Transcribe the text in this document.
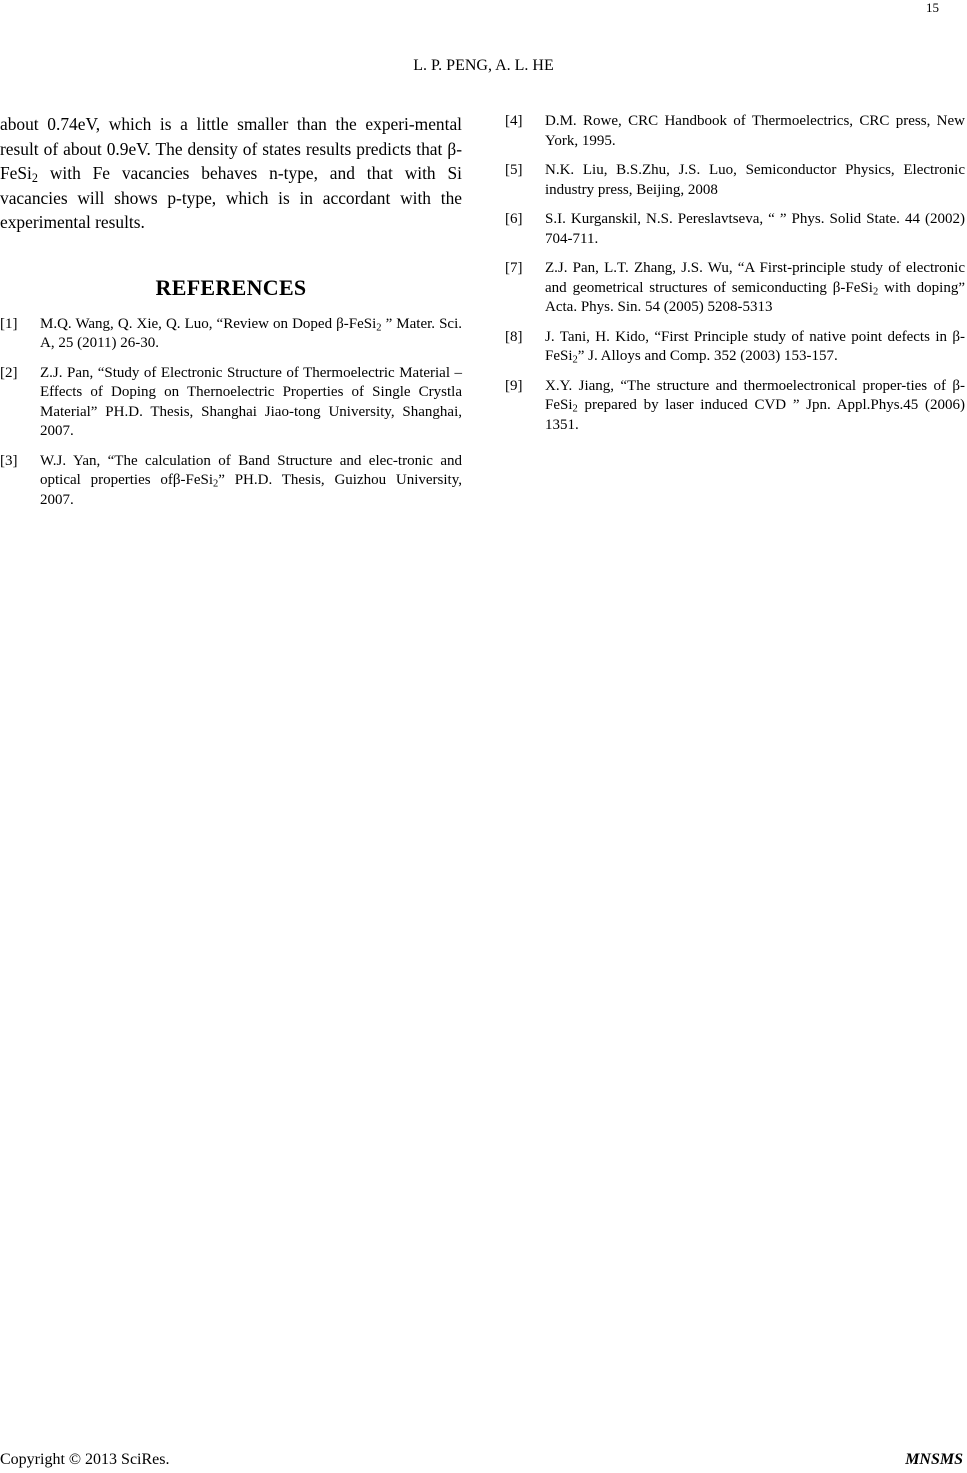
15
L. P. PENG, A. L. HE

about 0.74eV, which is a little smaller than the experi-mental result of about 0.9eV. The density of states results predicts that β-FeSi$_2$ with Fe vacancies behaves n-type, and that with Si vacancies will shows p-type, which is in accordant with the experimental results.

REFERENCES
[1]	M.Q. Wang, Q. Xie, Q. Luo, “Review on Doped β-FeSi$_2$ ” Mater. Sci. A, 25 (2011) 26-30.
[2]	Z.J. Pan, “Study of Electronic Structure of Thermoelectric Material – Effects of Doping on Thernoelectric Properties of Single Crystla Material” PH.D. Thesis, Shanghai Jiao-tong University, Shanghai, 2007.
[3]	W.J. Yan, “The calculation of Band Structure and elec-tronic and optical properties ofβ-FeSi$_2$” PH.D. Thesis, Guizhou University, 2007.
[4]	D.M. Rowe, CRC Handbook of Thermoelectrics, CRC press, New York, 1995.
[5]	N.K. Liu, B.S.Zhu, J.S. Luo, Semiconductor Physics, Electronic industry press, Beijing, 2008
[6]	S.I. Kurganskil, N.S. Pereslavtseva, “ ” Phys. Solid State. 44 (2002) 704-711.
[7]	Z.J. Pan, L.T. Zhang, J.S. Wu, “A First-principle study of electronic and geometrical structures of semiconducting β-FeSi$_2$ with doping” Acta. Phys. Sin. 54 (2005) 5208-5313
[8]	J. Tani, H. Kido, “First Principle study of native point defects in β-FeSi$_2$” J. Alloys and Comp. 352 (2003) 153-157.
[9]	X.Y. Jiang, “The structure and thermoelectronical proper-ties of β-FeSi$_2$ prepared by laser induced CVD ” Jpn. Appl.Phys.45 (2006) 1351.
Copyright © 2013 SciRes.	MNSMS
